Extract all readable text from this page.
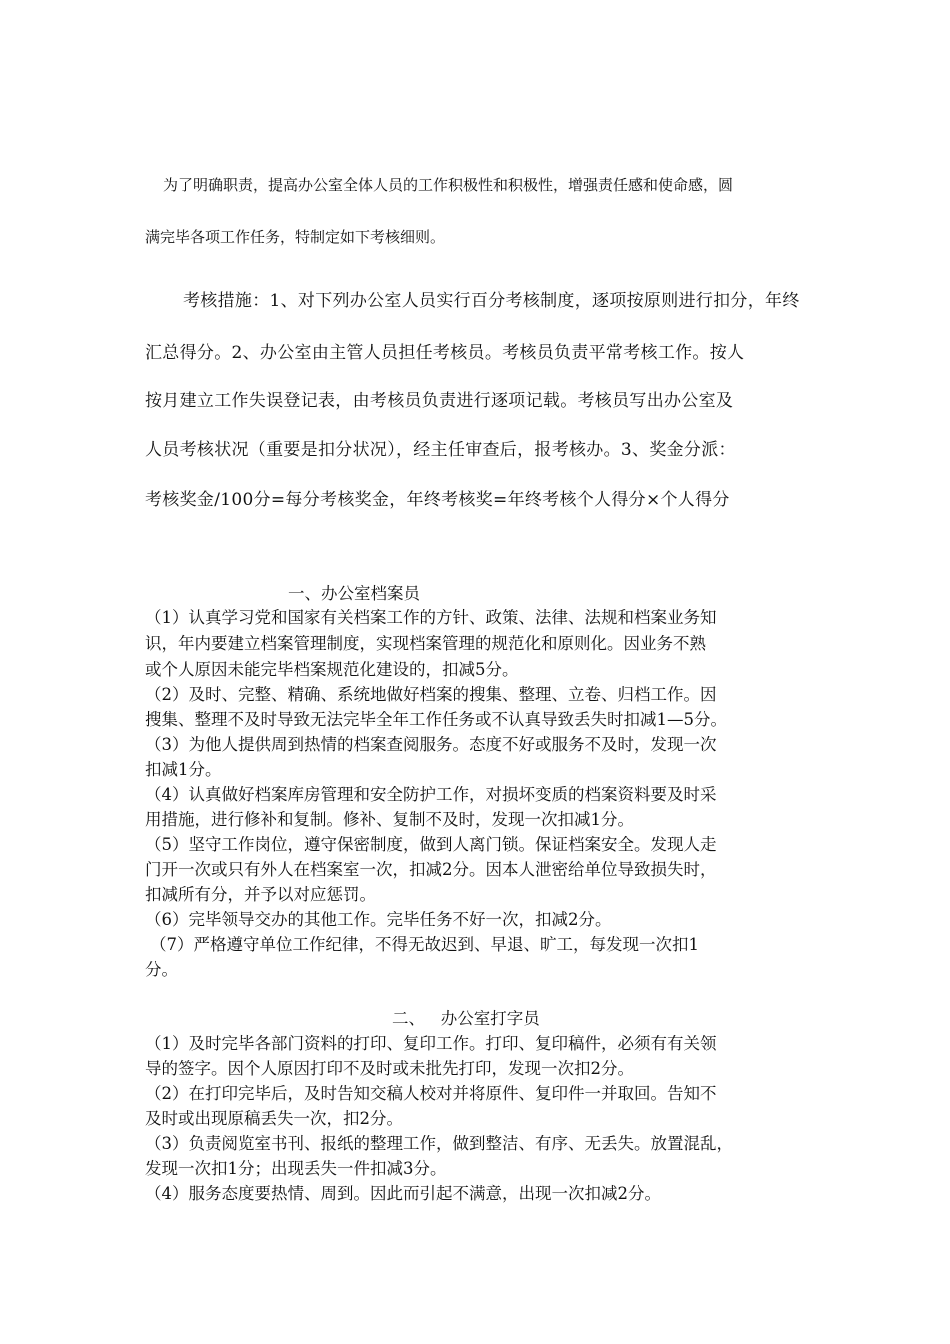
为了明确职责，提高办公室全体人员的工作积极性和积极性，增强责任感和使命感，圆

满完毕各项工作任务，特制定如下考核细则。

考核措施：1、对下列办公室人员实行百分考核制度，逐项按原则进行扣分，年终

汇总得分。2、办公室由主管人员担任考核员。考核员负责平常考核工作。按人

按月建立工作失误登记表，由考核员负责进行逐项记载。考核员写出办公室及

人员考核状况（重要是扣分状况），经主任审查后，报考核办。3、奖金分派：

考核奖金/100分=每分考核奖金，年终考核奖=年终考核个人得分×个人得分

一、办公室档案员

（1）认真学习党和国家有关档案工作的方针、政策、法律、法规和档案业务知

识，年内要建立档案管理制度，实现档案管理的规范化和原则化。因业务不熟

或个人原因未能完毕档案规范化建设的，扣减5分。

（2）及时、完整、精确、系统地做好档案的搜集、整理、立卷、归档工作。因

搜集、整理不及时导致无法完毕全年工作任务或不认真导致丢失时扣减1—5分。

（3）为他人提供周到热情的档案查阅服务。态度不好或服务不及时，发现一次

扣减1分。

（4）认真做好档案库房管理和安全防护工作，对损坏变质的档案资料要及时采

用措施，进行修补和复制。修补、复制不及时，发现一次扣减1分。

（5）坚守工作岗位，遵守保密制度，做到人离门锁。保证档案安全。发现人走

门开一次或只有外人在档案室一次，扣减2分。因本人泄密给单位导致损失时，

扣减所有分，并予以对应惩罚。

（6）完毕领导交办的其他工作。完毕任务不好一次，扣减2分。

（7）严格遵守单位工作纪律，不得无故迟到、早退、旷工，每发现一次扣1

分。

二、   办公室打字员

（1）及时完毕各部门资料的打印、复印工作。打印、复印稿件，必须有有关领

导的签字。因个人原因打印不及时或未批先打印，发现一次扣2分。

（2）在打印完毕后，及时告知交稿人校对并将原件、复印件一并取回。告知不

及时或出现原稿丢失一次，扣2分。

（3）负责阅览室书刊、报纸的整理工作，做到整洁、有序、无丢失。放置混乱，

发现一次扣1分；出现丢失一件扣减3分。

（4）服务态度要热情、周到。因此而引起不满意，出现一次扣减2分。
